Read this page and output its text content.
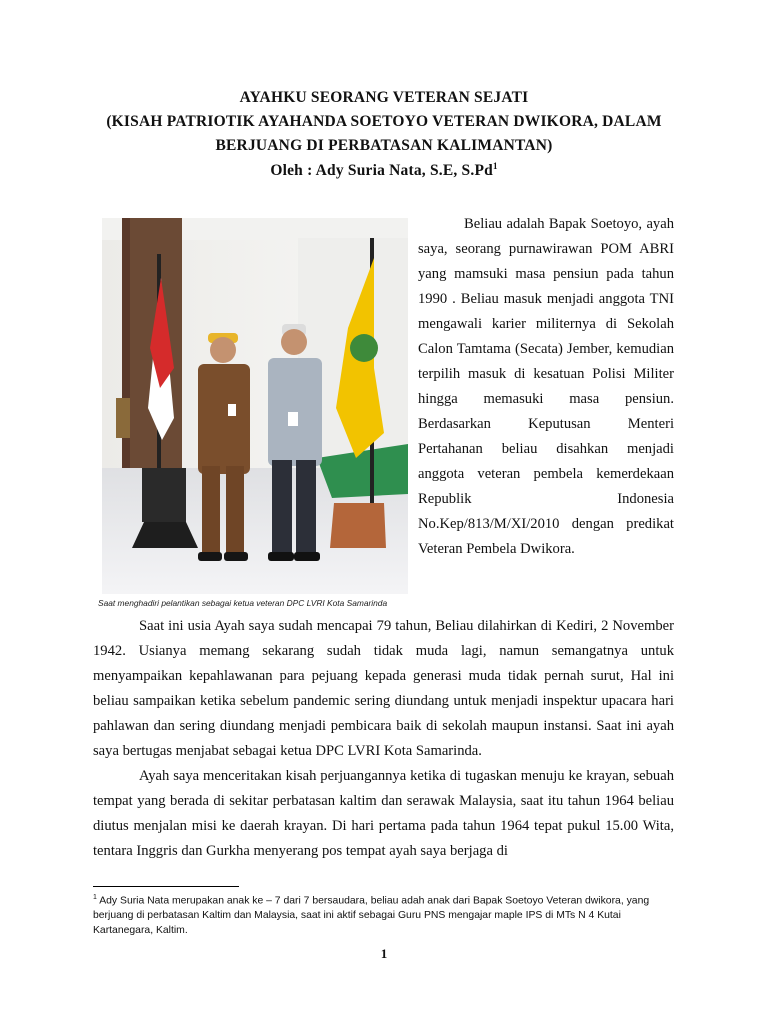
AYAHKU SEORANG VETERAN SEJATI
(KISAH PATRIOTIK AYAHANDA SOETOYO VETERAN DWIKORA, DALAM
BERJUANG DI PERBATASAN KALIMANTAN)
Oleh : Ady Suria Nata, S.E, S.Pd$^1$
Saat menghadiri pelantikan sebagai ketua veteran DPC LVRI Kota Samarinda
Beliau adalah Bapak Soetoyo, ayah saya, seorang purnawirawan POM ABRI yang mamsuki masa pensiun pada tahun 1990 . Beliau masuk menjadi anggota TNI mengawali karier militernya di Sekolah Calon Tamtama (Secata) Jember, kemudian terpilih masuk di kesatuan Polisi Militer hingga memasuki masa pensiun. Berdasarkan Keputusan Menteri Pertahanan beliau disahkan menjadi anggota veteran pembela kemerdekaan Republik Indonesia No.Kep/813/M/XI/2010 dengan predikat Veteran Pembela Dwikora.
Saat ini usia Ayah saya sudah mencapai 79 tahun, Beliau dilahirkan di Kediri, 2 November 1942. Usianya memang sekarang sudah tidak muda lagi, namun semangatnya untuk menyampaikan kepahlawanan para pejuang kepada generasi muda tidak pernah surut, Hal ini beliau sampaikan ketika sebelum pandemic sering diundang untuk menjadi inspektur upacara hari pahlawan dan sering diundang menjadi pembicara baik di sekolah maupun instansi. Saat ini ayah saya bertugas menjabat sebagai ketua DPC LVRI Kota Samarinda.
Ayah saya menceritakan kisah perjuangannya ketika di tugaskan menuju ke krayan, sebuah tempat yang berada di sekitar perbatasan kaltim dan serawak Malaysia, saat itu tahun 1964 beliau diutus menjalan misi ke daerah krayan. Di hari pertama pada tahun 1964 tepat pukul 15.00 Wita, tentara Inggris dan Gurkha menyerang pos tempat ayah saya berjaga di
$^1$ Ady Suria Nata merupakan anak ke – 7 dari 7 bersaudara, beliau adah anak dari Bapak Soetoyo Veteran dwikora, yang berjuang di perbatasan Kaltim dan Malaysia, saat ini aktif sebagai Guru PNS mengajar maple IPS di MTs N 4 Kutai Kartanegara, Kaltim.
1
